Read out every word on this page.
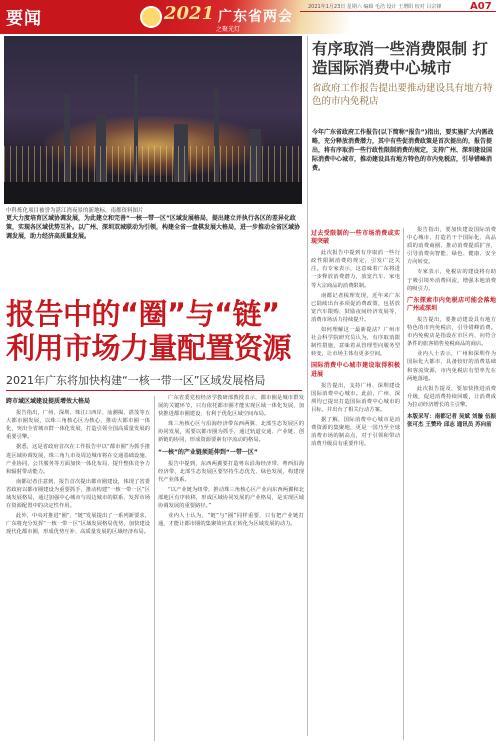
要闻	2021 广东省两会
之聚光灯
2021年1月23日 星期六 编辑 毛浩 设计 王增阳 校对 吕宗锋	A07
中科炼化项目被誉为湛江湾夜景的新地标，南都资料图片
有序取消一些消费限制 打造国际消费中心城市
省政府工作报告提出要推动建设具有地方特色的市内免税店
今年广东省政府工作报告(以下简称“报告”)指出，要实施扩大内需战略，充分释放消费潜力，其中有些促消费政策是首次提出的，报告提出，将有序取消一些行政性限制消费的规定，支持广州、深圳建设国际消费中心城市，推动建设具有地方特色的市内免税店，引导错峰消费。
更大力度培育区域协调发展，为此建立和完善“一核一带一区”区域发展格局，提出建立并执行各区的差异化政策，实现各区域优势互补。以广州、深圳双城联动为引领，构建全省一盘棋发展大格局，进一步推动全省区域协调发展，助力经济高质量发展。
报告中的“圈”与“链” 利用市场力量配置资源
2021年广东将加快构建“一核一带一区”区域发展格局
跨市域区域建设提质增效大格局

报告指出，广州、深圳、珠江口西岸、汕潮揭、湛茂等五大都市圈发展，以珠三角核心区为核心，推动大都市圈一体化，突出全省城市群一体化发展，打造引领全国高质量发展的重要引擎。

据悉，这是省政府首次在工作报告中以“都市圈”为抓手推进区域协调发展，珠三角九市及周边城市将在交通基础设施、产业协同、公共服务等方面加快一体化布局，提升整体竞争力和辐射带动能力。

南都记者注意到，报告首次提出都市圈建设，体现了省委省政府以都市圈建设为重要抓手，推动构建“一核一带一区”区域发展格局，通过加强中心城市与周边城市的联系，发挥市场在资源配置中的决定性作用。

此外，中央对推进“圈”、“链”发展提出了一系列新要求，广东将充分发挥“一核一带一区”区域发展格局优势，加快建设现代化都市圈，形成优势互补、高质量发展的区域经济布局。

广东省委党校经济学教研部教授表示，都市圈是城市群发展的关键环节，只有依托都市圈才能实现区域一体化发展，加快推进都市圈建设，有利于优化区域空间布局。

珠三角核心区与沿海经济带东西两翼、北部生态发展区的协同发展，需要以都市圈为抓手，通过轨道交通、产业链、创新链的协同，形成资源要素有序流动的格局。

“一核”的产业链须延伸到“一带一区”

报告中提到，东西两翼要打造粤东沿海经济带、粤西沿海经济带，北部生态发展区要坚持生态优先、绿色发展，构建现代产业体系。

“以产业链为纽带，推动珠三角核心区产业向东西两翼和北部地区有序转移，形成区域协同发展的产业格局，是实现区域协调发展的重要路径。”

业内人士认为，“链”与“圈”同样重要，只有把产业链打通，才能让都市圈的集聚效应真正转化为区域发展的动力。

过去受限制的一些市场消费或实现突破

此次报告中提到有序取消一些行政性限制消费的规定，引发广泛关注。有专家表示，这意味着广东将进一步释放消费潜力，放宽汽车、家电等大宗商品的消费限制。

南都记者梳理发现，近年来广东已陆续出台多项促消费政策，包括放宽汽车限购、鼓励夜间经济发展等，消费市场活力持续提升。

如何理解这一最新提法？广州市社会科学院研究员认为，有序取消限制性措施，意味着从管理型向服务型转变，让市场主体有更多空间。

国际消费中心城市建设取得积极进展

报告提出，支持广州、深圳建设国际消费中心城市。此前，广州、深圳均已提出打造国际消费中心城市的目标，并出台了相关行动方案。

据了解，国际消费中心城市是消费资源的集聚地，更是一国乃至全球消费市场的制高点，对于引领和带动消费升级具有重要作用。

报告指出，要加快建设国际消费中心城市，打造若干个国际化、高品质的消费商圈，推动消费提质扩容，引导消费向智能、绿色、健康、安全方向转变。

专家表示，免税店的建设将有助于吸引境外消费回流，增强本地消费的吸引力。

广东探索市内免税店可能会落地广州或深圳

报告提出，要推动建设具有地方特色的市内免税店，引导错峰消费。市内免税店是指设在市区内、向符合条件的旅客销售免税商品的商店。

业内人士表示，广州和深圳作为国际化大都市，具备较好的消费基础和客流资源，市内免税店有望率先在两地落地。

此次报告提及，要加快推进消费升级，促进消费持续回暖，让消费成为拉动经济增长的主引擎。

本版采写：南都记者 吴斌 刘璇 伍振 张可杰 王赞玲 邱志 通讯员 苏向前
